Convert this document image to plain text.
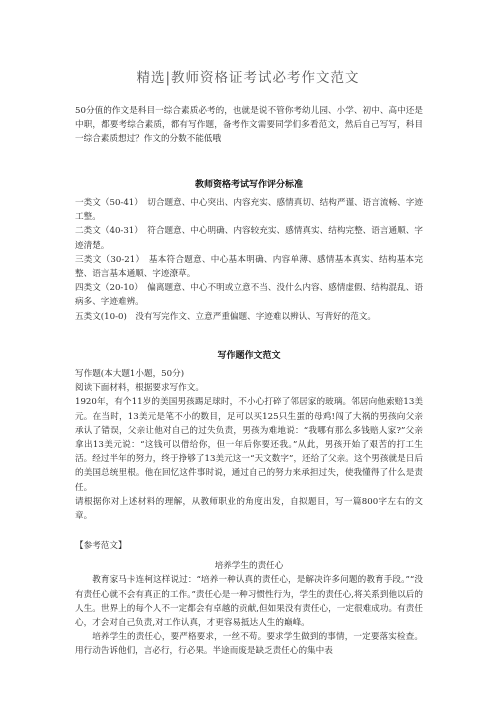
精选|教师资格证考试必考作文范文

50分值的作文是科目一综合素质必考的，也就是说不管你考幼儿园、小学、初中、高中还是中职，都要考综合素质，都有写作题，备考作文需要同学们多看范文，然后自己写写，科目一综合素质想过？作文的分数不能低哦

教师资格考试写作评分标准

一类文（50-41）　切合题意、中心突出、内容充实、感情真切、结构严谨、语言流畅、字迹工整。

二类文（40-31）　符合题意、中心明确、内容较充实、感情真实、结构完整、语言通顺、字迹清楚。

三类文（30-21）　基本符合题意、中心基本明确、内容单薄、感情基本真实、结构基本完整、语言基本通顺、字迹潦草。

四类文（20-10）　偏离题意、中心不明或立意不当、没什么内容、感情虚假、结构混乱、语病多、字迹难辨。

五类文(10-0)　没有写完作文、立意严重偏题、字迹难以辨认、写背好的范文。

写作题作文范文

写作题(本大题1小题，50分)

阅读下面材料，根据要求写作文。

1920年，有个11岁的美国男孩踢足球时，不小心打碎了邻居家的玻璃。邻居向他索赔13美元。在当时，13美元是笔不小的数目，足可以买125只生蛋的母鸡!闯了大祸的男孩向父亲承认了错误，父亲让他对自己的过失负责，男孩为难地说：“我哪有那么多钱赔人家?”父亲拿出13美元说：“这钱可以借给你，但一年后你要还我。”从此，男孩开始了艰苦的打工生活。经过半年的努力，终于挣够了13美元这一“天文数字”，还给了父亲。这个男孩就是日后的美国总统里根。他在回忆这件事时说，通过自己的努力来承担过失，使我懂得了什么是责任。

请根据你对上述材料的理解，从教师职业的角度出发，自拟题目，写一篇800字左右的文章。

【参考范文】

培养学生的责任心

教育家马卡连柯这样说过：“培养一种认真的责任心，是解决许多问题的教育手段。”“没有责任心就不会有真正的工作。”责任心是一种习惯性行为，学生的责任心,将关系到他以后的人生。世界上的每个人不一定都会有卓越的贡献,但如果没有责任心，一定很难成功。有责任心，才会对自己负责,对工作认真，才更容易抵达人生的巅峰。

培养学生的责任心，要严格要求，一丝不苟。要求学生做到的事情，一定要落实检查。用行动告诉他们，言必行，行必果。半途而废是缺乏责任心的集中表
